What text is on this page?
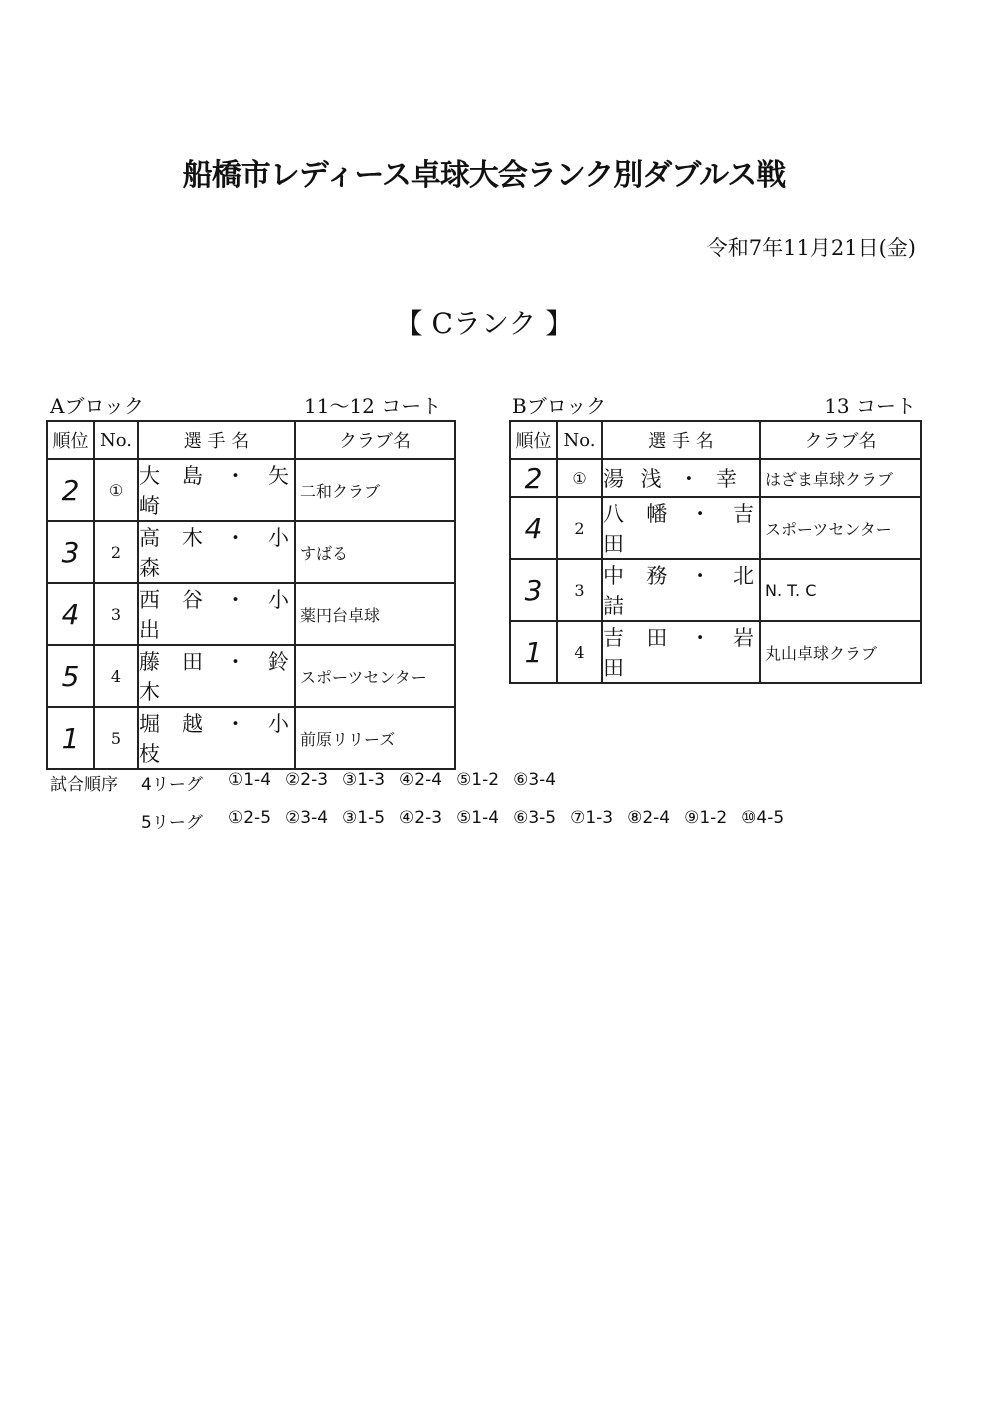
船橋市レディース卓球大会ランク別ダブルス戦
令和7年11月21日(金)
【 Cランク 】
Aブロック	11～12 コート	Bブロック	13 コート
順位	No.	選 手 名	クラブ名
2	①	大 島 ・ 矢 崎	二和クラブ
3	2	高 木 ・ 小 森	すばる
4	3	西 谷 ・ 小 出	薬円台卓球
5	4	藤 田 ・ 鈴 木	スポーツセンター
1	5	堀 越 ・ 小 枝	前原リリーズ
順位	No.	選 手 名	クラブ名
2	①	湯 浅 ・ 幸	はざま卓球クラブ
4	2	八 幡 ・ 吉 田	スポーツセンター
3	3	中 務 ・ 北 詰	N. T. C
1	4	吉 田 ・ 岩 田	丸山卓球クラブ
試合順序 4リーグ ①1-4 ②2-3 ③1-3 ④2-4 ⑤1-2 ⑥3-4
5リーグ ①2-5 ②3-4 ③1-5 ④2-3 ⑤1-4 ⑥3-5 ⑦1-3 ⑧2-4 ⑨1-2 ⑩4-5
